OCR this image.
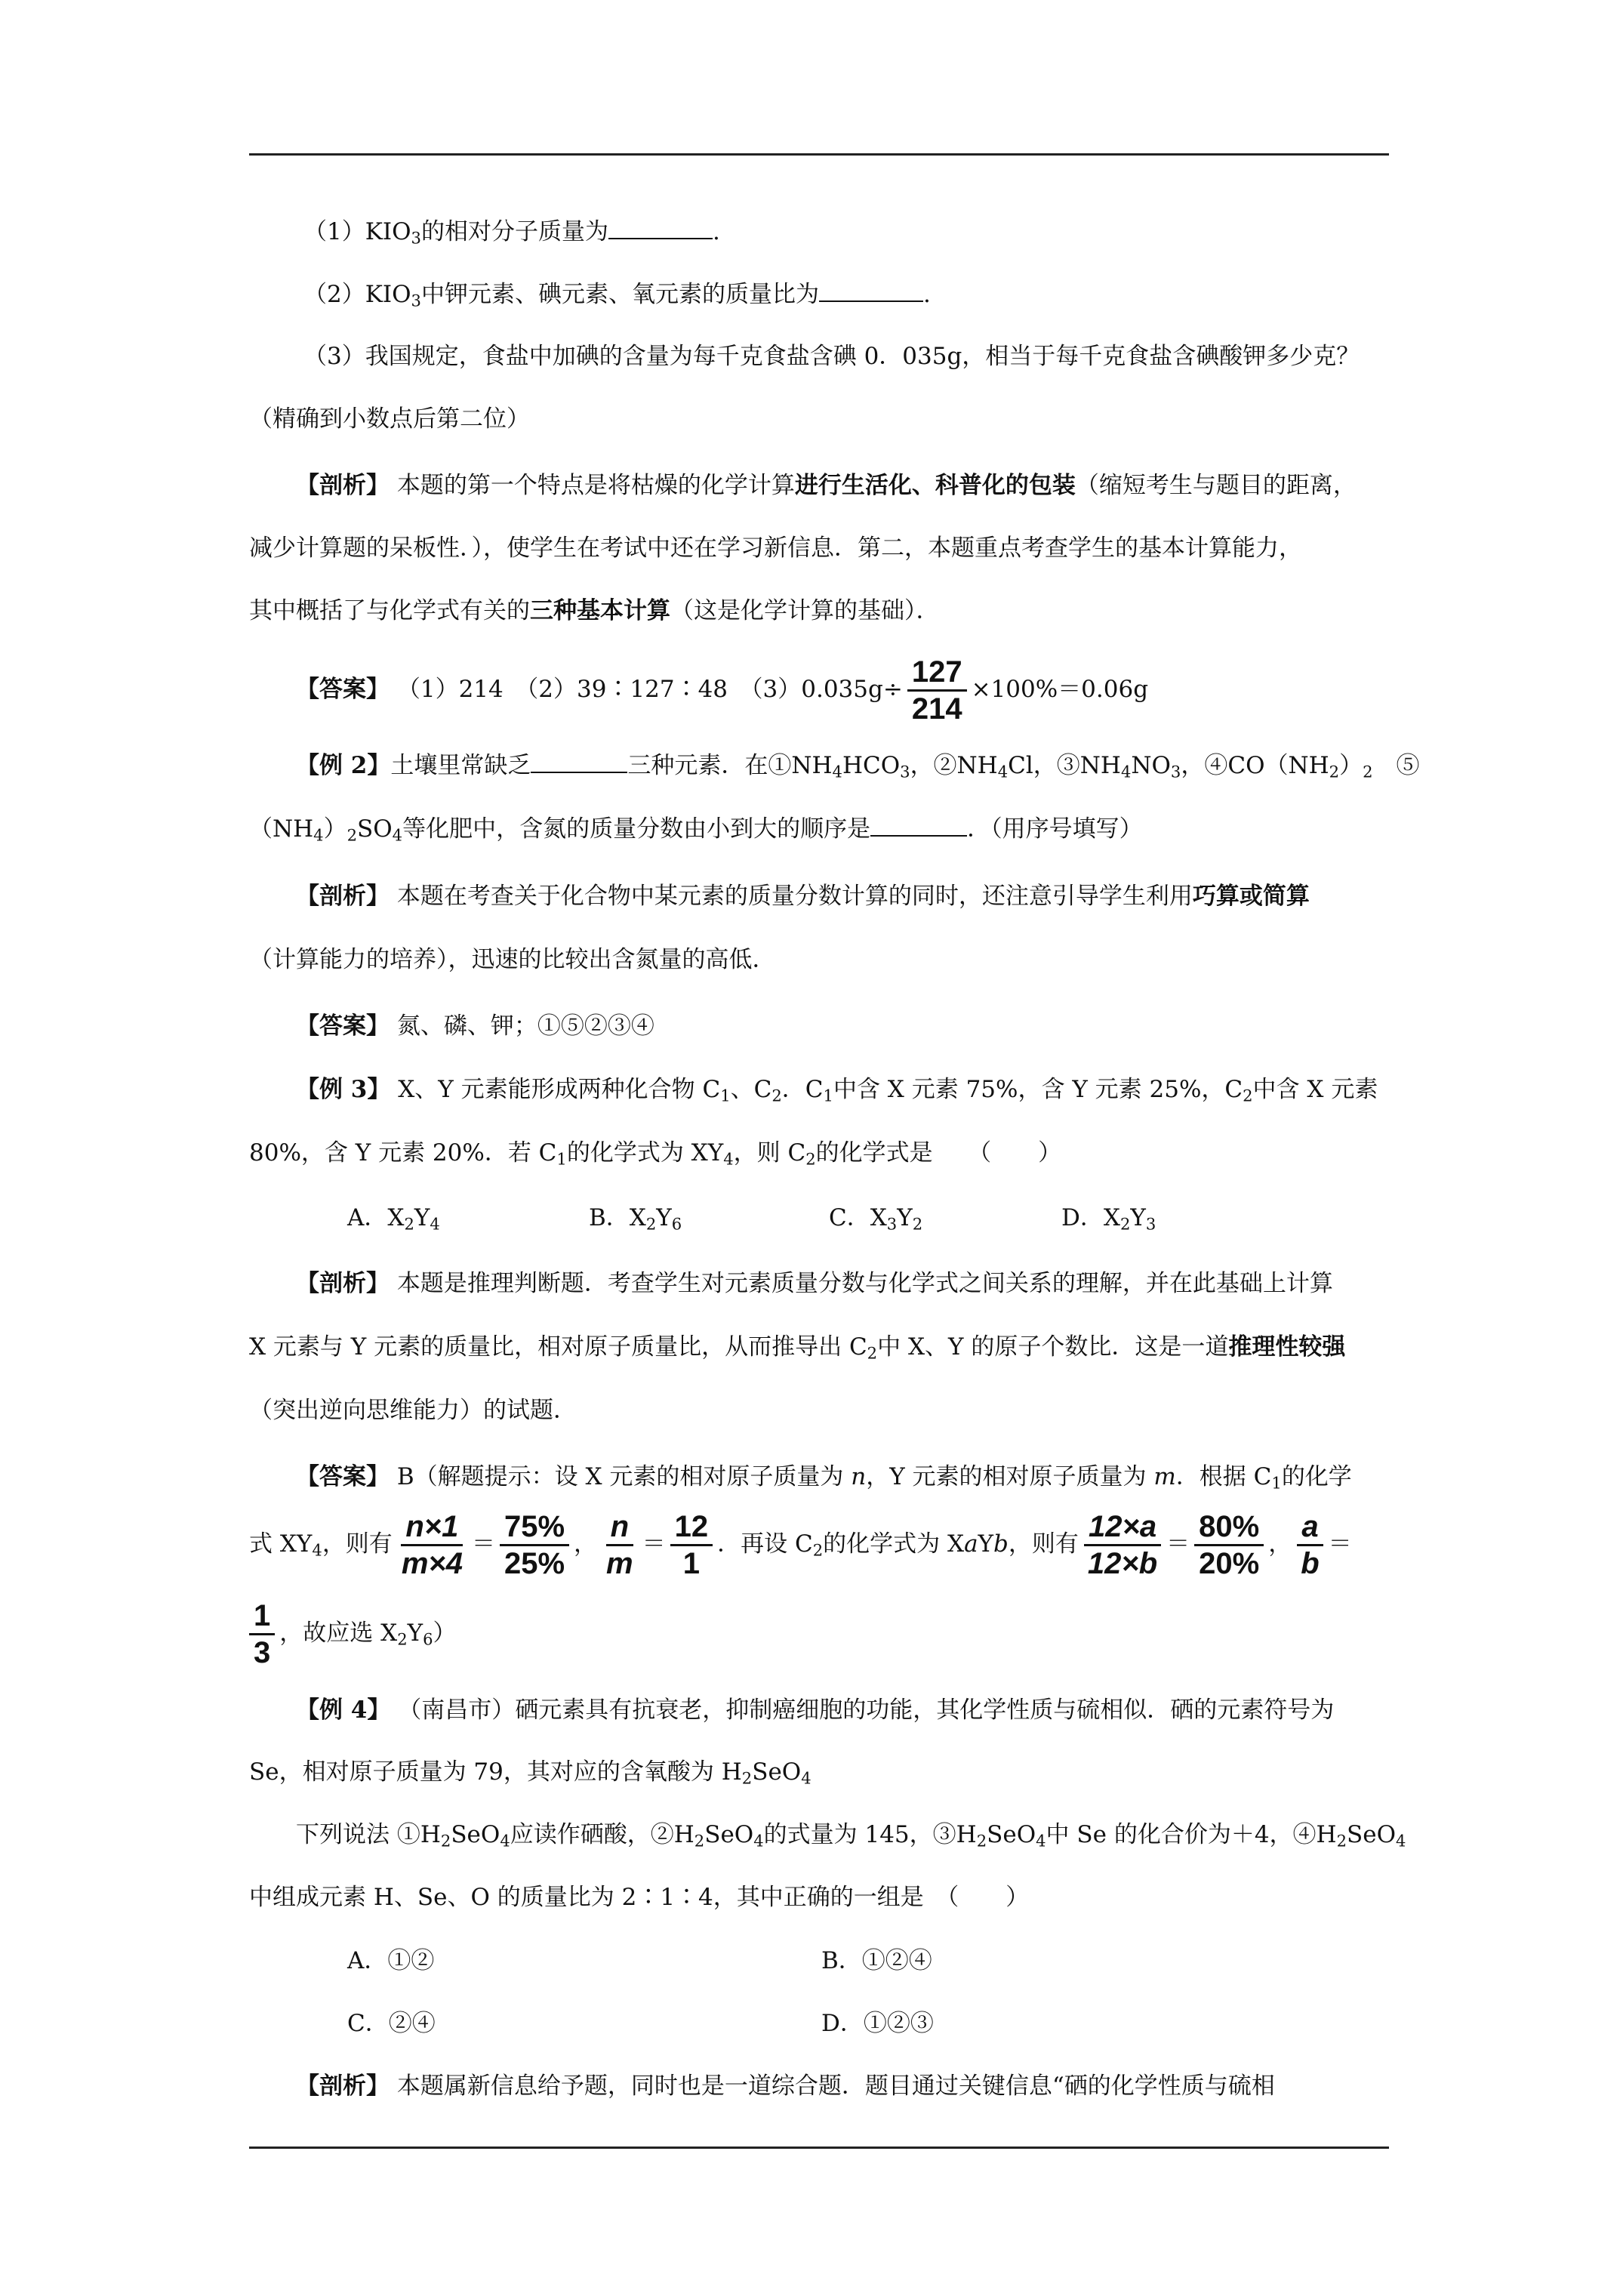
$(1)KIO_3$的相对分子质量为	.
$(2)KIO_3$中钾元素、碘元素、氧元素的质量比为	.
（3）我国规定，食盐中加碘的含量为每千克食盐含碘 0．035g，相当于每千克食盐含碘酸钾多少克？
（精确到小数点后第二位）
【剖析】 本题的第一个特点是将枯燥的化学计算进行生活化、科普化的包装（缩短考生与题目的距离，
减少计算题的呆板性．），使学生在考试中还在学习新信息．第二，本题重点考查学生的基本计算能力，
其中概括了与化学式有关的三种基本计算（这是化学计算的基础）．
【答案】 （1）214　（2）39∶127∶48　$(3)0.035g\div \frac{127}{214} \times 100\%=0.06g$
【例 2】土壤里常缺乏	三种元素．在$①NH_4HCO_3$，$②NH_4Cl$，$③NH_4NO_3$，$④CO(NH_2)_2$　⑤
$(NH_4)_2SO_4$等化肥中，含氮的质量分数由小到大的顺序是	．（用序号填写）
【剖析】 本题在考查关于化合物中某元素的质量分数计算的同时，还注意引导学生利用巧算或简算
（计算能力的培养），迅速的比较出含氮量的高低．
【答案】 氮、磷、钾；①⑤②③④
【例 3】 X、Y 元素能形成两种化合物 $C_1$、$C_2$．$C_1$中含 X 元素 75%，含 Y 元素 25%，$C_2$中含 X 元素
80%，含 Y 元素 20%．若 $C_1$的化学式为 $XY_4$，则 $C_2$的化学式是　　（　　）
A．$X_2Y_4$	B．$X_2Y_6$	C．$X_3Y_2$	D．$X_2Y_3$
【剖析】 本题是推理判断题．考查学生对元素质量分数与化学式之间关系的理解，并在此基础上计算
X 元素与 Y 元素的质量比，相对原子质量比，从而推导出 $C_2$中 X、Y 的原子个数比．这是一道推理性较强
（突出逆向思维能力）的试题．
【答案】 B（解题提示：设 X 元素的相对原子质量为 n，Y 元素的相对原子质量为 m．根据 $C_1$的化学
式 $XY_4$，则有 $\frac{n\times 1}{m\times 4} = \frac{75\%}{25\%}$ ， $\frac{n}{m} = \frac{12}{1}$ ．再设 $C_2$的化学式为 XaYb，则有 $\frac{12\times a}{12\times b} = \frac{80\%}{20\%}$ ， $\frac{a}{b}$ ＝
$\frac{1}{3}$ ，故应选 $X_2Y_6$）
【例 4】 （南昌市）硒元素具有抗衰老，抑制癌细胞的功能，其化学性质与硫相似．硒的元素符号为
Se，相对原子质量为 79，其对应的含氧酸为 $H_2SeO_4$
下列说法 $①H_2SeO_4$应读作硒酸，$②H_2SeO_4$的式量为 145，$③H_2SeO_4$中 Se 的化合价为＋4，$④H_2SeO_4$
中组成元素 H、Se、O 的质量比为 2∶1∶4，其中正确的一组是　（　　）
A．①②	B．①②④
C．②④	D．①②③
【剖析】 本题属新信息给予题，同时也是一道综合题．题目通过关键信息“硒的化学性质与硫相
